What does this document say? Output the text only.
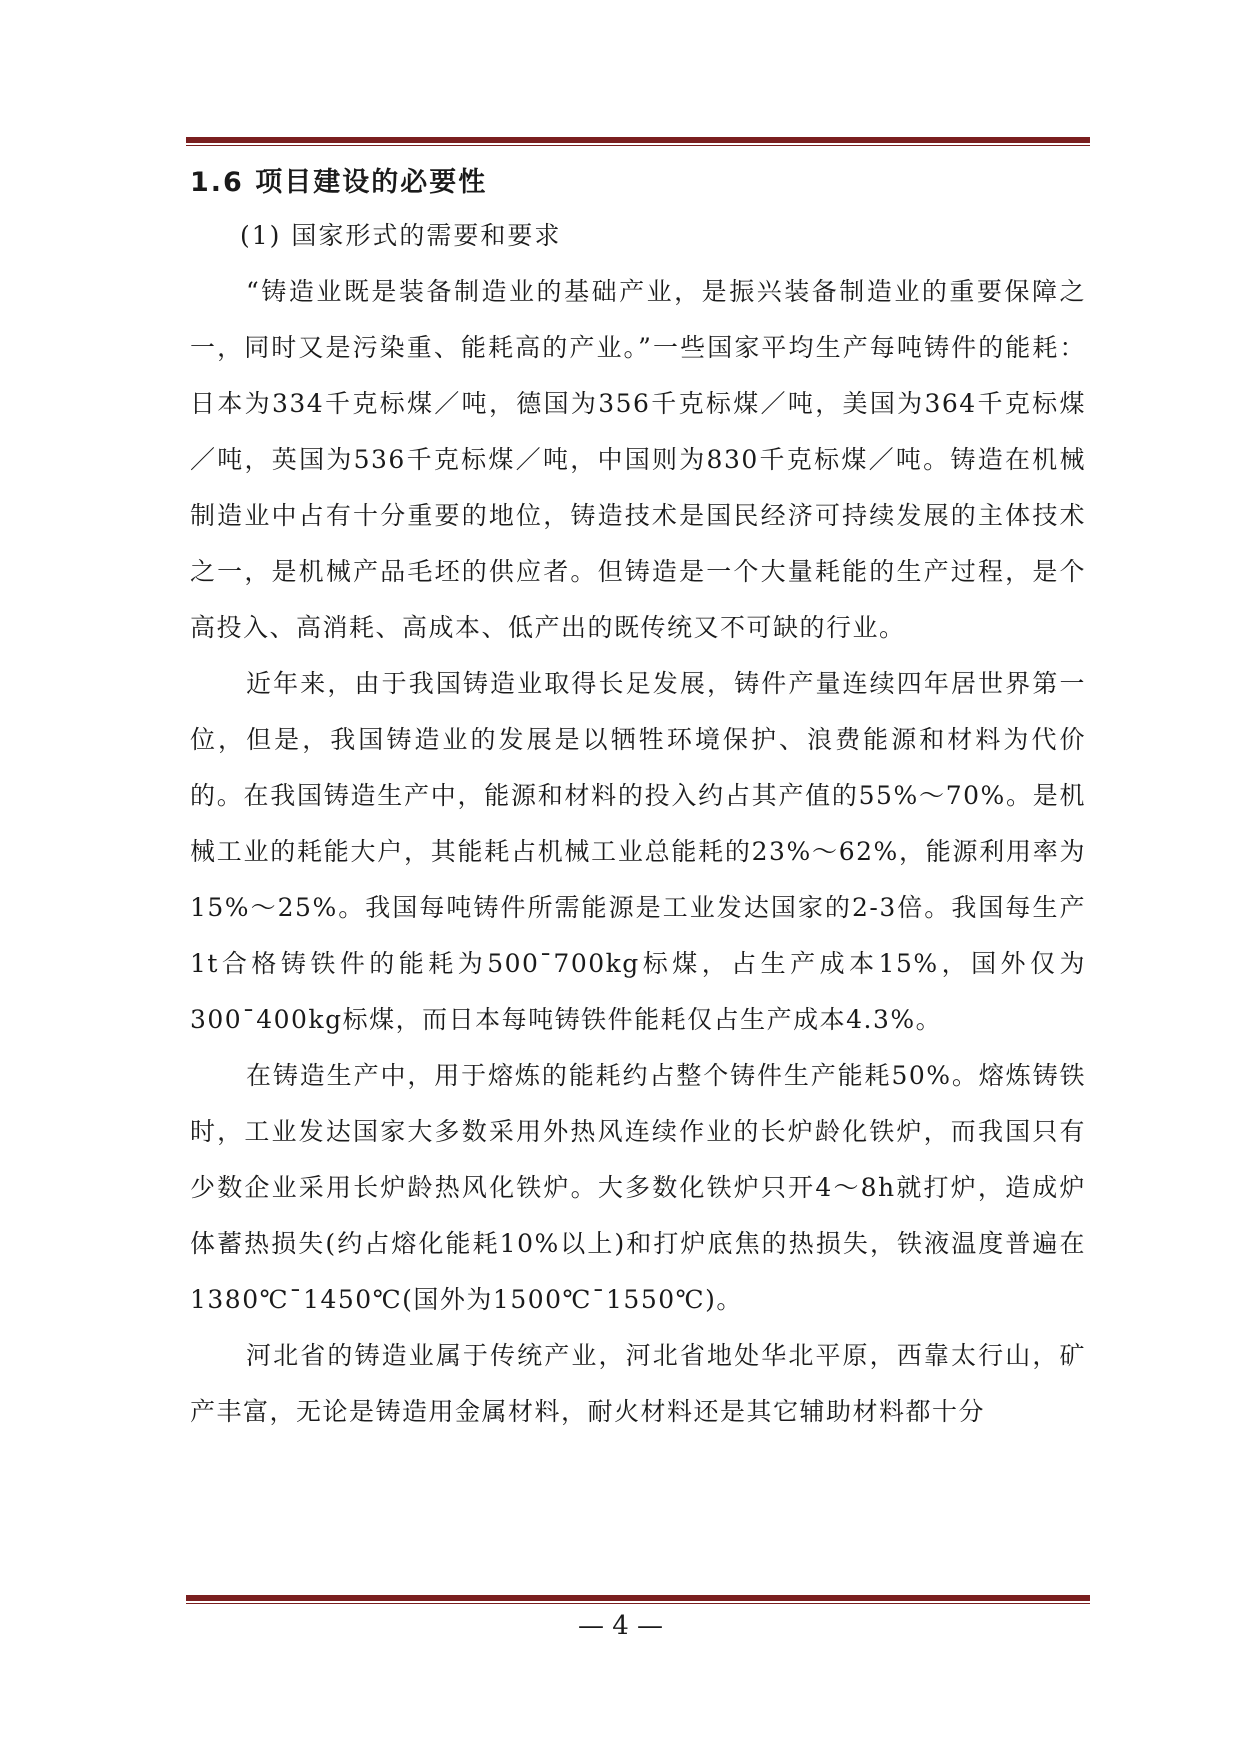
1.6 项目建设的必要性

(1) 国家形式的需要和要求

“铸造业既是装备制造业的基础产业，是振兴装备制造业的重要保障之一，同时又是污染重、能耗高的产业。”一些国家平均生产每吨铸件的能耗：日本为334千克标煤／吨，德国为356千克标煤／吨，美国为364千克标煤／吨，英国为536千克标煤／吨，中国则为830千克标煤／吨。铸造在机械制造业中占有十分重要的地位，铸造技术是国民经济可持续发展的主体技术之一，是机械产品毛坯的供应者。但铸造是一个大量耗能的生产过程，是个高投入、高消耗、高成本、低产出的既传统又不可缺的行业。

近年来，由于我国铸造业取得长足发展，铸件产量连续四年居世界第一位，但是，我国铸造业的发展是以牺牲环境保护、浪费能源和材料为代价的。在我国铸造生产中，能源和材料的投入约占其产值的55%～70%。是机械工业的耗能大户，其能耗占机械工业总能耗的23%～62%，能源利用率为15%～25%。我国每吨铸件所需能源是工业发达国家的2-3倍。我国每生产1t合格铸铁件的能耗为500¯700kg标煤，占生产成本15%，国外仅为300¯400kg标煤，而日本每吨铸铁件能耗仅占生产成本4.3%。

在铸造生产中，用于熔炼的能耗约占整个铸件生产能耗50%。熔炼铸铁时，工业发达国家大多数采用外热风连续作业的长炉龄化铁炉，而我国只有少数企业采用长炉龄热风化铁炉。大多数化铁炉只开4～8h就打炉，造成炉体蓄热损失(约占熔化能耗10%以上)和打炉底焦的热损失，铁液温度普遍在1380℃¯1450℃(国外为1500℃¯1550℃)。

河北省的铸造业属于传统产业，河北省地处华北平原，西靠太行山，矿产丰富，无论是铸造用金属材料，耐火材料还是其它辅助材料都十分

— 4 —
